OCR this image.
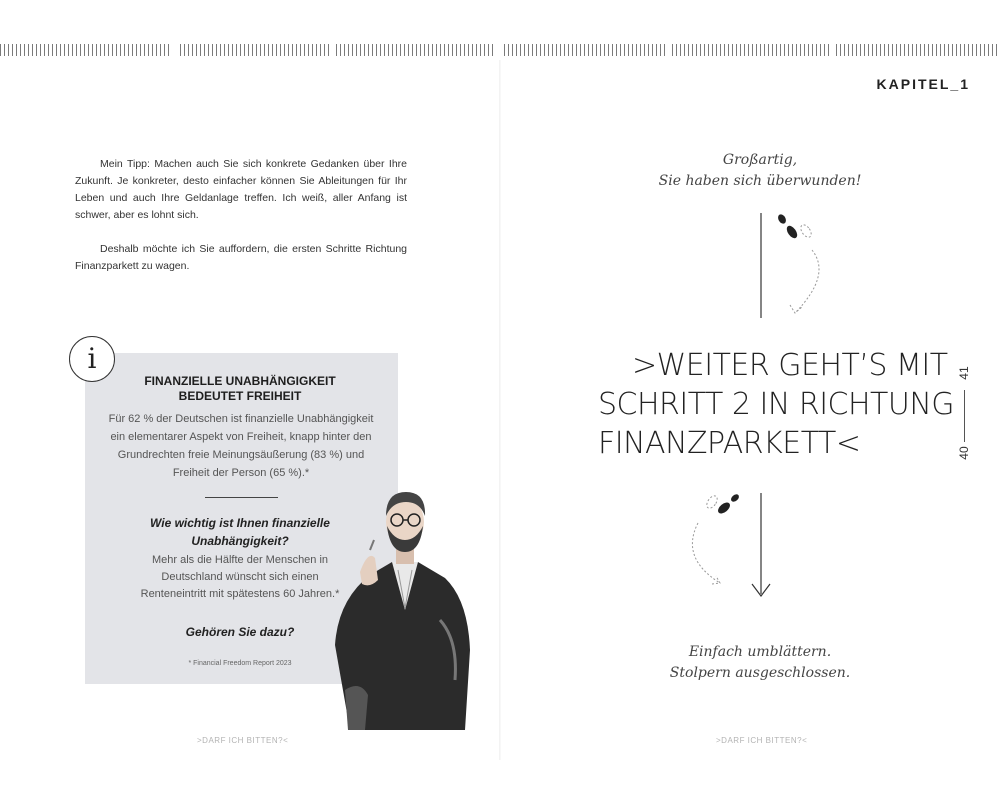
KAPITEL_1

Mein Tipp: Machen auch Sie sich konkrete Gedanken über Ihre Zukunft. Je konkreter, desto einfacher können Sie Ableitungen für Ihr Leben und auch Ihre Geldanlage treffen. Ich weiß, aller Anfang ist schwer, aber es lohnt sich.

Deshalb möchte ich Sie auffordern, die ersten Schritte Richtung Finanzparkett zu wagen.

i
FINANZIELLE UNABHÄNGIGKEIT
BEDEUTET FREIHEIT
Für 62 % der Deutschen ist finanzielle Unabhängigkeit ein elementarer Aspekt von Freiheit, knapp hinter den Grundrechten freie Meinungsäußerung (83 %) und Freiheit der Person (65 %).*
Wie wichtig ist Ihnen finanzielle Unabhängigkeit?
Mehr als die Hälfte der Menschen in Deutschland wünscht sich einen Renteneintritt mit spätestens 60 Jahren.*
Gehören Sie dazu?
* Financial Freedom Report 2023
>DARF ICH BITTEN?<	>DARF ICH BITTEN?<
Großartig,
Sie haben sich überwunden!
>WEITER GEHT’S MIT
SCHRITT 2 IN RICHTUNG
FINANZPARKETT<
41
40
Einfach umblättern.
Stolpern ausgeschlossen.
